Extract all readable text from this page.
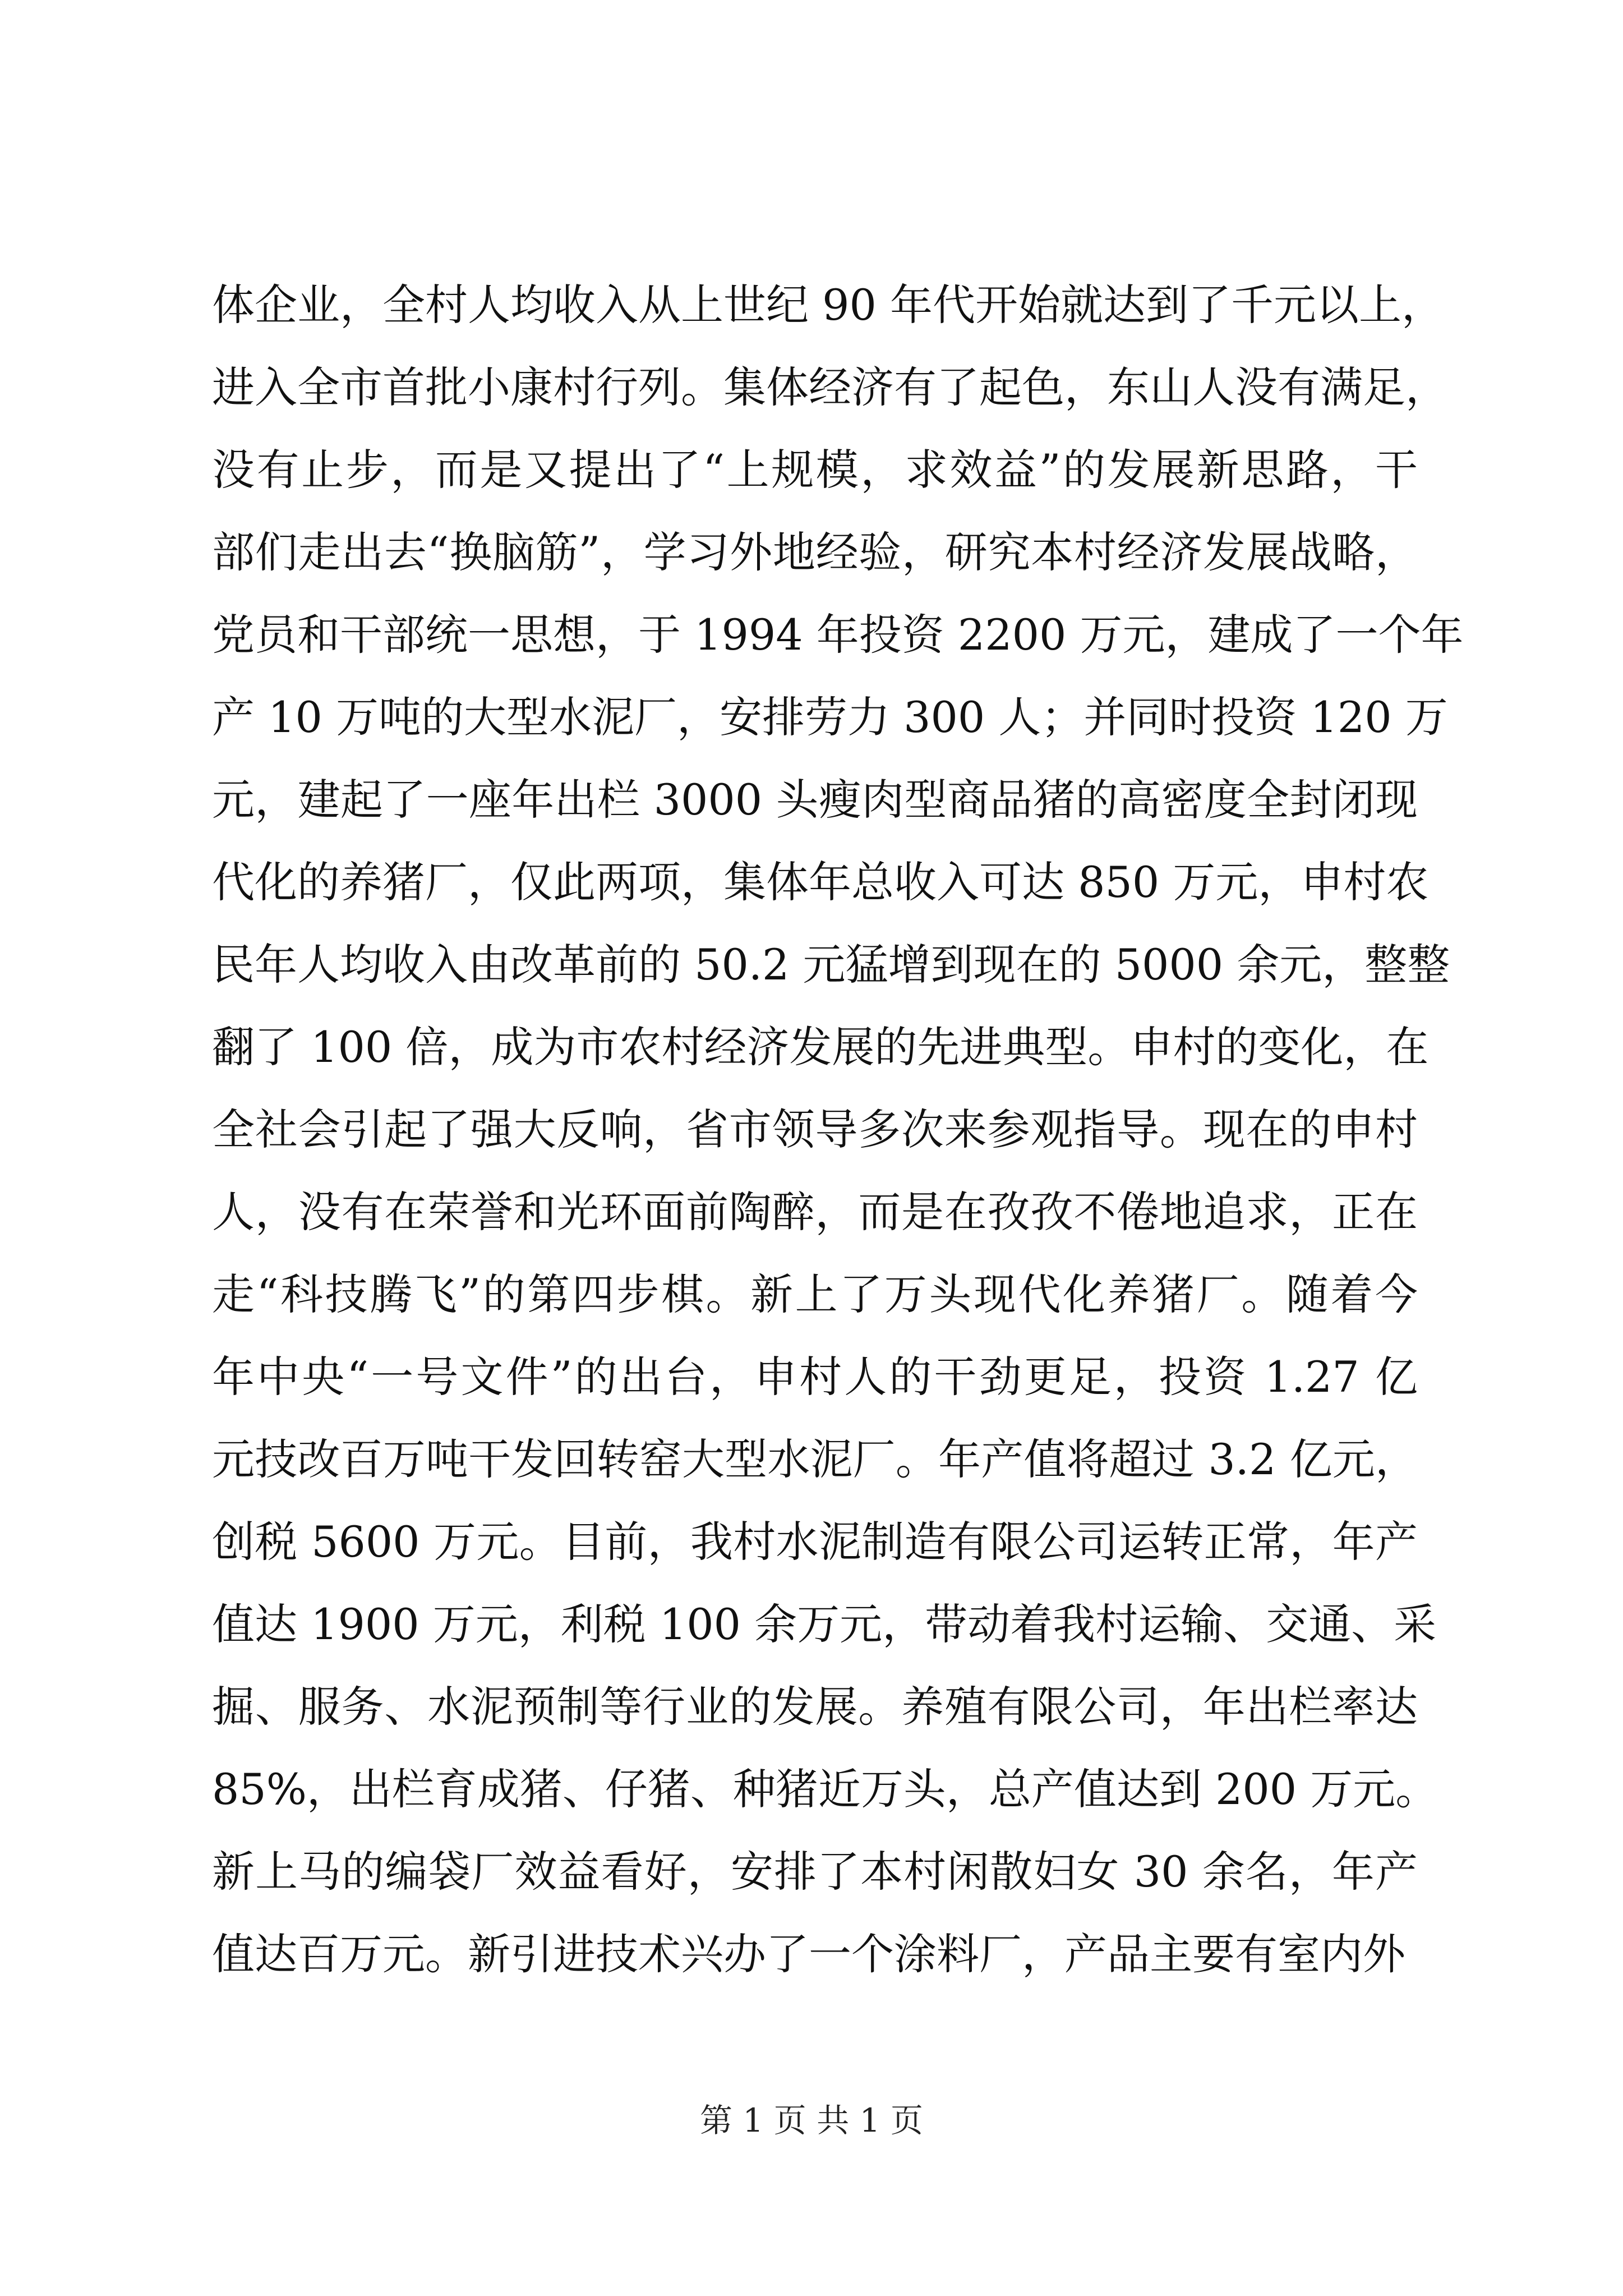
体企业，全村人均收入从上世纪 90 年代开始就达到了千元以上，
进入全市首批小康村行列。集体经济有了起色，东山人没有满足，
没有止步，而是又提出了“上规模，求效益”的发展新思路，干
部们走出去“换脑筋”，学习外地经验，研究本村经济发展战略，
党员和干部统一思想，于 1994 年投资 2200 万元，建成了一个年
产 10 万吨的大型水泥厂，安排劳力 300 人；并同时投资 120 万
元，建起了一座年出栏 3000 头瘦肉型商品猪的高密度全封闭现
代化的养猪厂，仅此两项，集体年总收入可达 850 万元，申村农
民年人均收入由改革前的 50.2 元猛增到现在的 5000 余元，整整
翻了 100 倍，成为市农村经济发展的先进典型。申村的变化，在
全社会引起了强大反响，省市领导多次来参观指导。现在的申村
人，没有在荣誉和光环面前陶醉，而是在孜孜不倦地追求，正在
走“科技腾飞”的第四步棋。新上了万头现代化养猪厂。随着今
年中央“一号文件”的出台，申村人的干劲更足，投资 1.27 亿
元技改百万吨干发回转窑大型水泥厂。年产值将超过 3.2 亿元，
创税 5600 万元。目前，我村水泥制造有限公司运转正常，年产
值达 1900 万元，利税 100 余万元，带动着我村运输、交通、采
掘、服务、水泥预制等行业的发展。养殖有限公司，年出栏率达
85%，出栏育成猪、仔猪、种猪近万头，总产值达到 200 万元。
新上马的编袋厂效益看好，安排了本村闲散妇女 30 余名，年产
值达百万元。新引进技术兴办了一个涂料厂，产品主要有室内外
第 1 页 共 1 页
